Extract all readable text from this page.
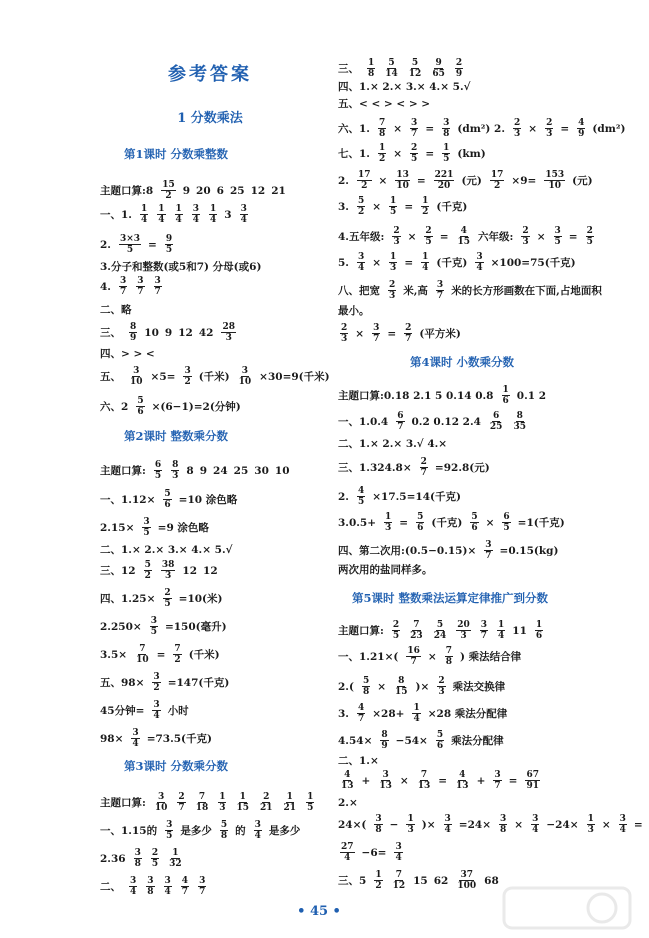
参考答案
1 分数乘法
第1课时 分数乘整数
第2课时 整数乘分数
第3课时 分数乘分数
第4课时 小数乘分数
第5课时 整数乘法运算定律推广到分数
主题口算:8 $\frac{15}{2} 9$ 20 6 25 12 21
一、1. $\frac{1}{4} \frac{1}{4} \frac{1}{4} \frac{3}{4} \frac{1}{4} 3 \frac{3}{4}$
2. $\frac{3\times 3}{5} = \frac{9}{5}$
3.分子和整数(或5和7) 分母(或6)
4. $\frac{3}{7} \frac{3}{7} \frac{3}{7}$
二、略
三、 $\frac{8}{9} 10$ 9 12 $42 \frac{28}{3}$
四、> > <
五、 $\frac{3}{10} \times 5= \frac{3}{2}$ (千米) $\frac{3}{10} \times 30=9$(千米)
六、$2 \frac{5}{6} \times(6-1)=2$(分钟)
主题口算: $\frac{6}{5} \frac{8}{3} 8$ 9 24 25 30 10
一、$1.12\times \frac{5}{6} =10$ 涂色略
$2.15\times \frac{3}{5} =9$ 涂色略
二、1.× 2.× 3.× 4.× 5.√
三、$12 \frac{5}{2} \frac{38}{3} 12$ 12
四、$1.25\times \frac{2}{5} =10$(米)
$2.250\times \frac{3}{5} =150$(毫升)
$3.5\times \frac{7}{10} = \frac{7}{2}$ (千米)
五、$98\times \frac{3}{2} =147$(千克)
45分钟= $\frac{3}{4}$ 小时
$98\times \frac{3}{4} =73.5$(千克)
主题口算: $\frac{3}{10} \frac{2}{7} \frac{7}{18} \frac{1}{3} \frac{1}{15} \frac{2}{21} \frac{1}{21} \frac{1}{5}$
一、1.15的 $\frac{3}{5}$ 是多少 $\frac{5}{8}$ 的 $\frac{3}{4}$ 是多少
$2.36 \frac{3}{8} \frac{2}{5} \frac{1}{32}$
二、 $\frac{3}{4} \frac{3}{8} \frac{3}{4} \frac{4}{7} \frac{3}{7}$
三、 $\frac{1}{8} \frac{5}{14} \frac{5}{12} \frac{9}{65} \frac{2}{9}$
四、1.× 2.× 3.× 4.× 5.√
五、< < > < > >
六、1. $\frac{7}{8} \times \frac{3}{7} = \frac{3}{8} (dm^2)$ 2. $\frac{2}{3} \times \frac{2}{3} = \frac{4}{9} (dm^2)$
七、1. $\frac{1}{2} \times \frac{2}{5} = \frac{1}{5} (km)$
2. $\frac{17}{2} \times \frac{13}{10} = \frac{221}{20}$ (元) $\frac{17}{2} \times 9= \frac{153}{10}$ (元)
3. $\frac{5}{2} \times \frac{1}{5} = \frac{1}{2}$ (千克)
4.五年级: $\frac{2}{3} \times \frac{2}{5} = \frac{4}{15}$ 六年级: $\frac{2}{3} \times \frac{3}{5} = \frac{2}{5}$
5. $\frac{3}{4} \times \frac{1}{3} = \frac{1}{4}$ (千克) $\frac{3}{4} \times 100=75$(千克)
八、把宽 $\frac{2}{3}$ 米,高 $\frac{3}{7}$ 米的长方形画数在下面,占地面积
最小。
$\frac{2}{3} \times \frac{3}{7} = \frac{2}{7}$ (平方米)
主题口算:0.18 2.1 5 0.14 $0.8 \frac{1}{6} 0.1$ 2
一、$1.0.4 \frac{6}{7} 0.2$ 0.12 $2.4 \frac{6}{25} \frac{8}{35}$
二、1.× 2.× 3.√ 4.×
三、$1.324.8\times \frac{2}{7} =92.8$(元)
2. $\frac{4}{5} \times 17.5=14$(千克)
$3.0.5+ \frac{1}{3} = \frac{5}{6}$ (千克) $\frac{5}{6} \times \frac{6}{5} =1$(千克)
四、第二次用:(0.5−0.15)× $\frac{3}{7} =0.15(kg)$
两次用的盐同样多。
主题口算: $\frac{2}{5} \frac{7}{23} \frac{5}{24} \frac{20}{3} \frac{3}{7} \frac{1}{4} 11 \frac{1}{6}$
一、$1.21\times( \frac{16}{7} \times \frac{7}{8}$ ) 乘法结合律
$2.( \frac{5}{8} \times \frac{8}{15}$ )× $\frac{2}{3}$ 乘法交换律
3. $\frac{4}{7} \times 28+ \frac{1}{4} \times 28$ 乘法分配律
$4.54\times \frac{8}{9} -54\times \frac{5}{6}$ 乘法分配律
二、1.×
$\frac{4}{13} + \frac{3}{13} \times \frac{7}{13} = \frac{4}{13} + \frac{3}{7} = \frac{67}{91}$
2.×
$24\times( \frac{3}{8} - \frac{1}{3}$ )× $\frac{3}{4} =24\times \frac{3}{8} \times \frac{3}{4} -24\times \frac{1}{3} \times \frac{3}{4}$ =
$\frac{27}{4} -6= \frac{3}{4}$
三、$5 \frac{1}{2} \frac{7}{12} 15$ $62 \frac{37}{100} 68$
• 45 •
